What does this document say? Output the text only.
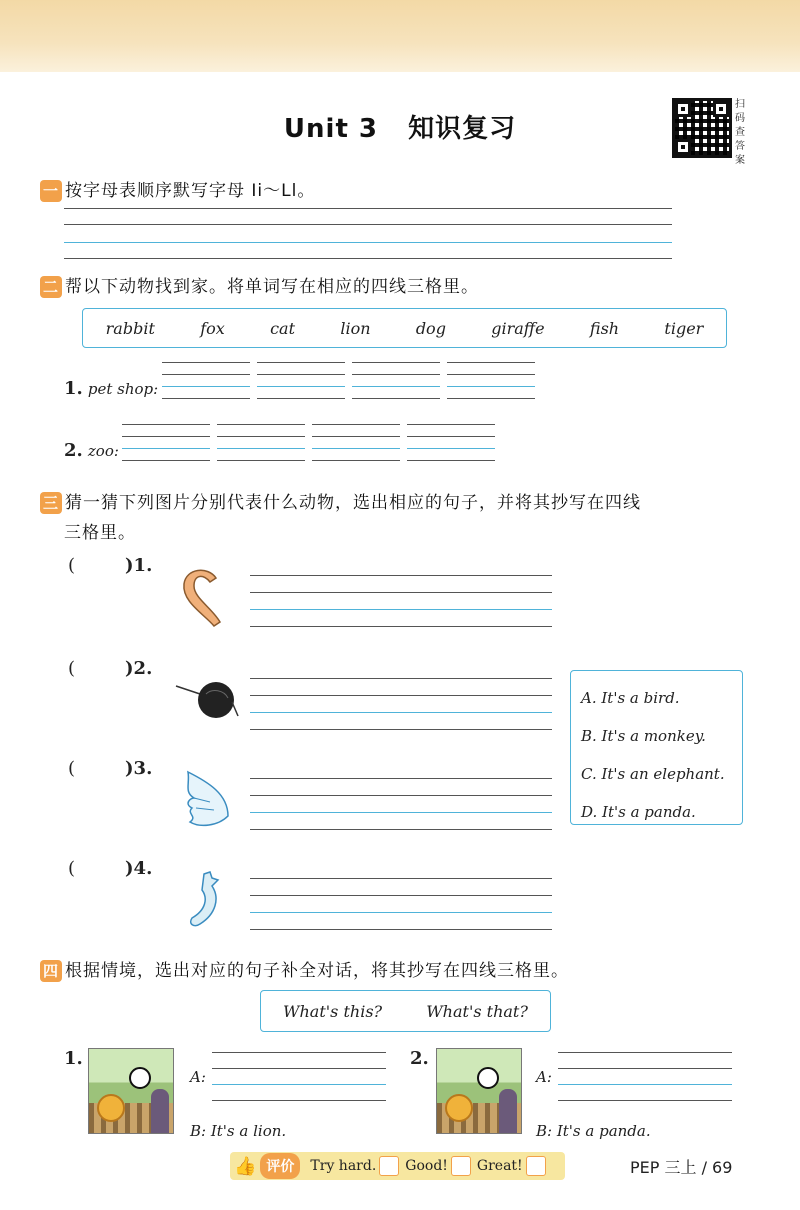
Unit 3 知识复习
扫
码
查
答
案
一 按字母表顺序默写字母 Ii～Ll。
二 帮以下动物找到家。将单词写在相应的四线三格里。
rabbit	fox	cat	lion	dog	giraffe	fish	tiger
1. pet shop:
2. zoo:
三 猜一猜下列图片分别代表什么动物，选出相应的句子，并将其抄写在四线
三格里。
(	)1.
(	)2.
(	)3.
(	)4.
A. It's a bird.
B. It's a monkey.
C. It's an elephant.
D. It's a panda.
四 根据情境，选出对应的句子补全对话，将其抄写在四线三格里。
What's this?	What's that?
1.
A:
B: It's a lion.
2.
A:
B: It's a panda.
👍 评价	Try hard. Good! Great!	PEP 三上 / 69
